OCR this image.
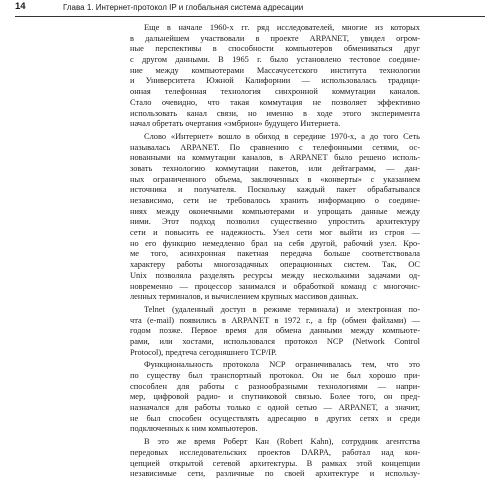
14	Глава 1. Интернет-протокол IP и глобальная система адресации
Еще в начале 1960-х гг. ряд исследователей, многие из которых
в дальнейшем участвовали в проекте ARPANET, увидел огром-
ные перспективы в способности компьютеров обмениваться друг
с другом данными. В 1965 г. было установлено тестовое соедине-
ние между компьютерами Массачусетского института технологии
и Университета Южной Калифорнии — использовалась традици-
онная телефонная технология синхронной коммутации каналов.
Стало очевидно, что такая коммутация не позволяет эффективно
использовать канал связи, но именно в ходе этого эксперимента
начал обретать очертания «эмбрион» будущего Интернета.
Слово «Интернет» вошло в обиход в середине 1970-х, а до того Сеть
называлась ARPANET. По сравнению с телефонными сетями, ос-
нованными на коммутации каналов, в ARPANET было решено исполь-
зовать технологию коммутации пакетов, или дейтаграмм, — дан-
ных ограниченного объема, заключенных в «конверты» с указанием
источника и получателя. Поскольку каждый пакет обрабатывался
независимо, сети не требовалось хранить информацию о соедине-
ниях между оконечными компьютерами и упрощать данные между
ними. Этот подход позволил существенно упростить архитектуру
сети и повысить ее надежность. Узел сети мог выйти из строя —
но его функцию немедленно брал на себя другой, рабочий узел. Кро-
ме того, асинхронная пакетная передача больше соответствовала
характеру работы многозадачных операционных систем. Так, ОС
Unix позволяла разделять ресурсы между несколькими задачами од-
новременно — процессор занимался и обработкой команд с многочис-
ленных терминалов, и вычислением крупных массивов данных.
Telnet (удаленный доступ в режиме терминала) и электронная по-
чта (e-mail) появились в ARPANET в 1972 г., а ftp (обмен файлами) —
годом позже. Первое время для обмена данными между компьюте-
рами, или хостами, использовался протокол NCP (Network Control
Protocol), предтеча сегодняшнего TCP/IP.
Функциональность протокола NCP ограничивалась тем, что это
по существу был транспортный протокол. Он не был хорошо при-
способлен для работы с разнообразными технологиями — напри-
мер, цифровой радио- и спутниковой связью. Более того, он пред-
назначался для работы только с одной сетью — ARPANET, а значит,
не был способен осуществлять адресацию в других сетях и среди
подключенных к ним компьютеров.
В это же время Роберт Кан (Robert Kahn), сотрудник агентства
передовых исследовательских проектов DARPA, работал над кон-
цепцией открытой сетевой архитектуры. В рамках этой концепции
независимые сети, различные по своей архитектуре и использу-
